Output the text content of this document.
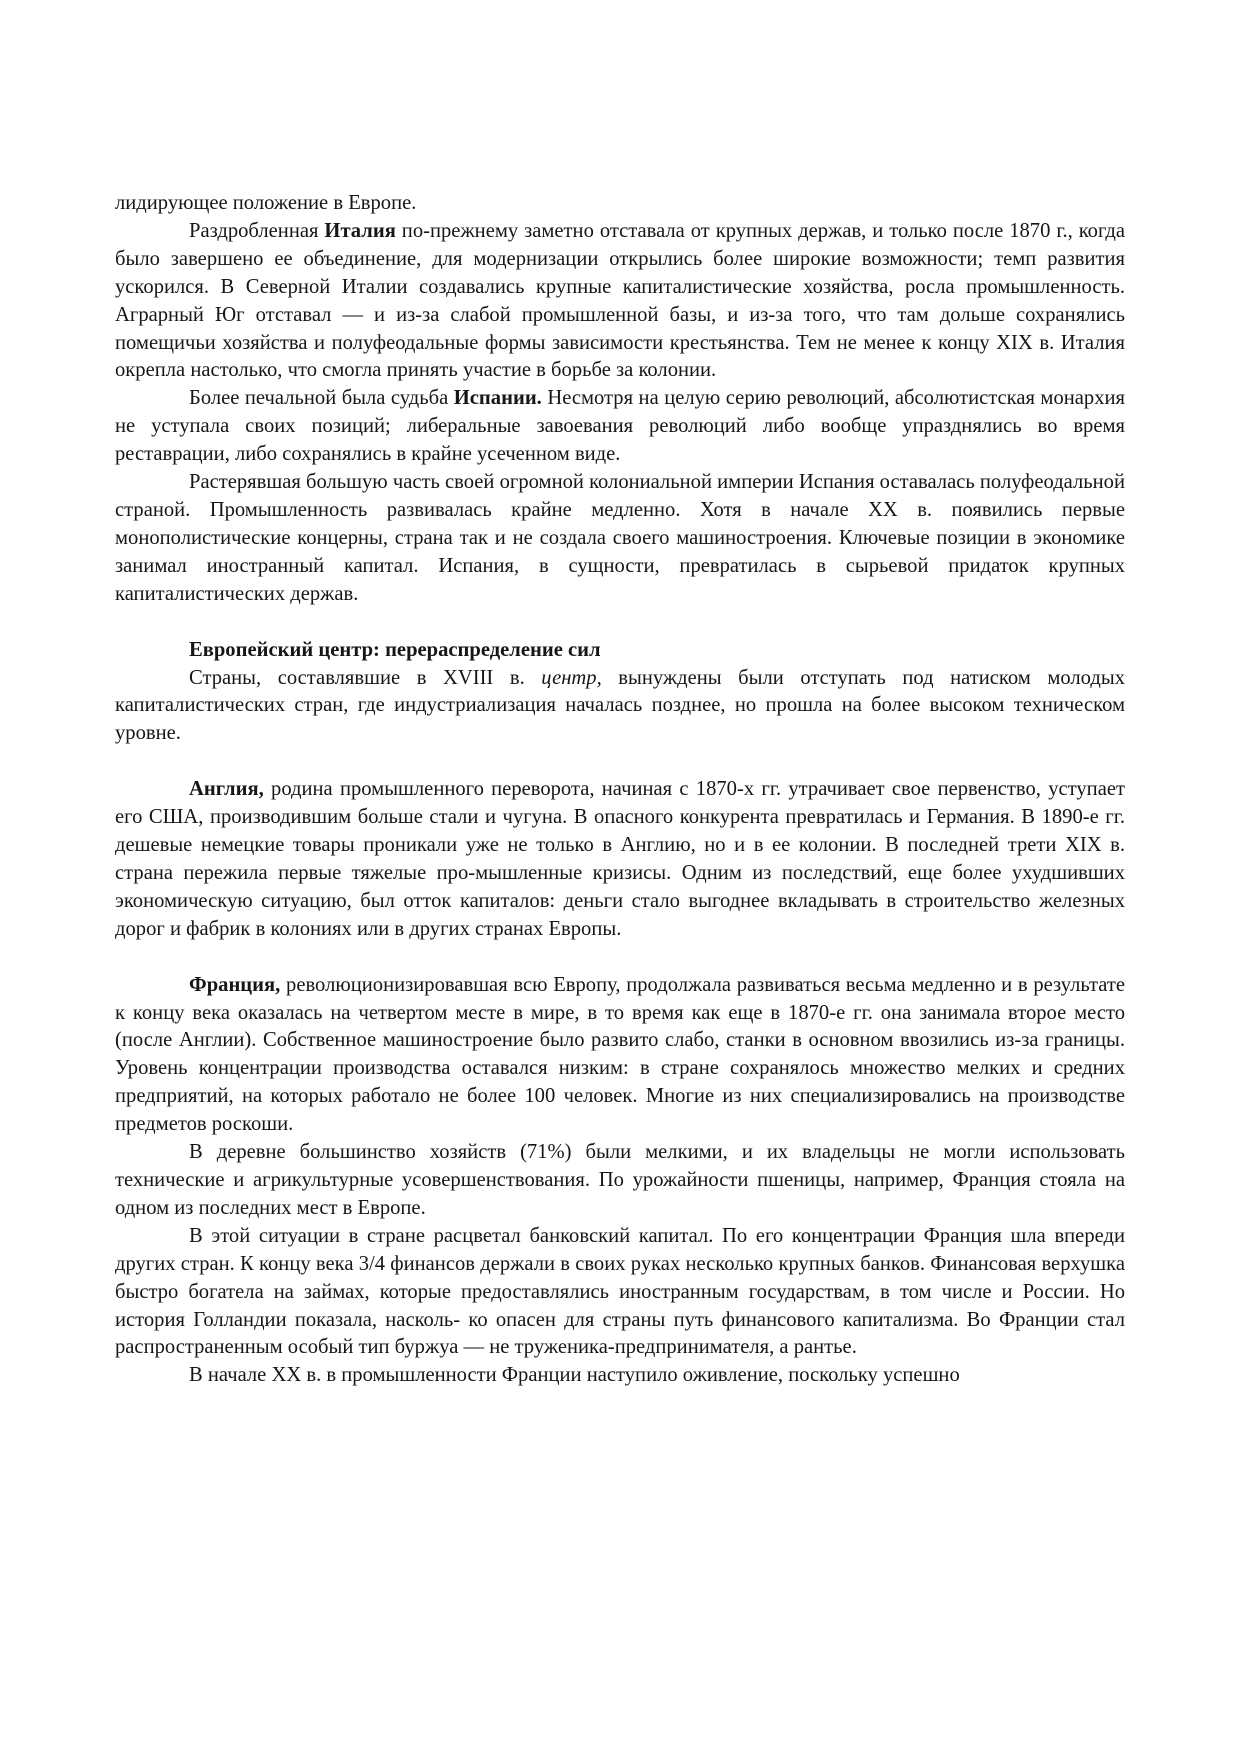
лидирующее положение в Европе.

Раздробленная Италия по-прежнему заметно отставала от крупных держав, и только после 1870 г., когда было завершено ее объединение, для модернизации открылись более широкие возможности; темп развития ускорился. В Северной Италии создавались крупные капиталистические хозяйства, росла промышленность. Аграрный Юг отставал — и из-за слабой промышленной базы, и из-за того, что там дольше сохранялись помещичьи хозяйства и полуфеодальные формы зависимости крестьянства. Тем не менее к концу XIX в. Италия окрепла настолько, что смогла принять участие в борьбе за колонии.

Более печальной была судьба Испании. Несмотря на целую серию революций, абсолютистская монархия не уступала своих позиций; либеральные завоевания революций либо вообще упразднялись во время реставрации, либо сохранялись в крайне усеченном виде.

Растерявшая большую часть своей огромной колониальной империи Испания оставалась полуфеодальной страной. Промышленность развивалась крайне медленно. Хотя в начале XX в. появились первые монополистические концерны, страна так и не создала своего машиностроения. Ключевые позиции в экономике занимал иностранный капитал. Испания, в сущности, превратилась в сырьевой придаток крупных капиталистических держав.

Европейский центр: перераспределение сил

Страны, составлявшие в XVIII в. центр, вынуждены были отступать под натиском молодых капиталистических стран, где индустриализация началась позднее, но прошла на более высоком техническом уровне.

Англия, родина промышленного переворота, начиная с 1870-х гг. утрачивает свое первенство, уступает его США, производившим больше стали и чугуна. В опасного конкурента превратилась и Германия. В 1890-е гг. дешевые немецкие товары проникали уже не только в Англию, но и в ее колонии. В последней трети XIX в. страна пережила первые тяжелые про-мышленные кризисы. Одним из последствий, еще более ухудшивших экономическую ситуацию, был отток капиталов: деньги стало выгоднее вкладывать в строительство железных дорог и фабрик в колониях или в других странах Европы.

Франция, революционизировавшая всю Европу, продолжала развиваться весьма медленно и в результате к концу века оказалась на четвертом месте в мире, в то время как еще в 1870-е гг. она занимала второе место (после Англии). Собственное машиностроение было развито слабо, станки в основном ввозились из-за границы. Уровень концентрации производства оставался низким: в стране сохранялось множество мелких и средних предприятий, на которых работало не более 100 человек. Многие из них специализировались на производстве предметов роскоши.

В деревне большинство хозяйств (71%) были мелкими, и их владельцы не могли использовать технические и агрикультурные усовершенствования. По урожайности пшеницы, например, Франция стояла на одном из последних мест в Европе.

В этой ситуации в стране расцветал банковский капитал. По его концентрации Франция шла впереди других стран. К концу века 3/4 финансов держали в своих руках несколько крупных банков. Финансовая верхушка быстро богатела на займах, которые предоставлялись иностранным государствам, в том числе и России. Но история Голландии показала, насколь- ко опасен для страны путь финансового капитализма. Во Франции стал распространенным особый тип буржуа — не труженика-предпринимателя, а рантье.

В начале XX в. в промышленности Франции наступило оживление, поскольку успешно
